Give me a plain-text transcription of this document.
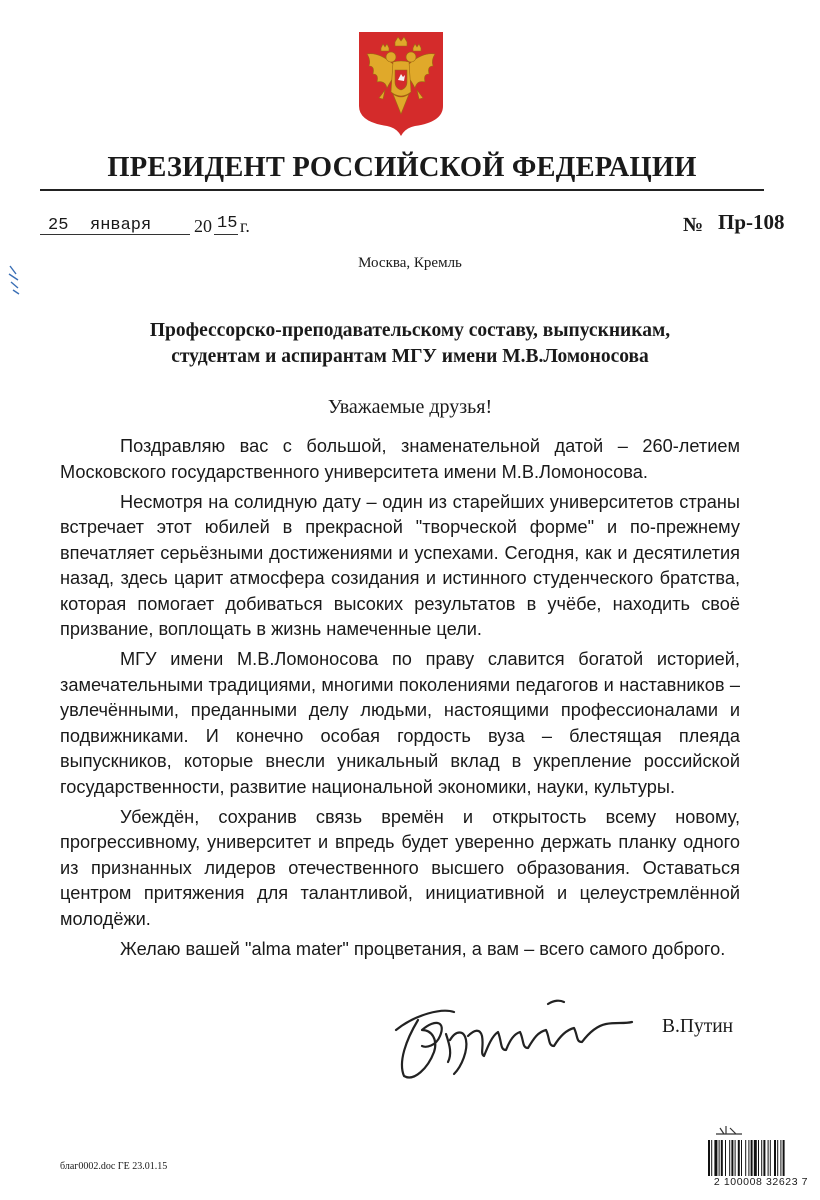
ПРЕЗИДЕНТ РОССИЙСКОЙ ФЕДЕРАЦИИ
25 января 20 15 г.	№ Пр-108
Москва, Кремль
Профессорско-преподавательскому составу, выпускникам,
студентам и аспирантам МГУ имени М.В.Ломоносова
Уважаемые друзья!

Поздравляю вас с большой, знаменательной датой – 260-летием Московского государственного университета имени М.В.Ломоносова.

Несмотря на солидную дату – один из старейших университетов страны встречает этот юбилей в прекрасной "творческой форме" и по-прежнему впечатляет серьёзными достижениями и успехами. Сегодня, как и десятилетия назад, здесь царит атмосфера созидания и истинного студенческого братства, которая помогает добиваться высоких результатов в учёбе, находить своё призвание, воплощать в жизнь намеченные цели.

МГУ имени М.В.Ломоносова по праву славится богатой историей, замечательными традициями, многими поколениями педагогов и наставников – увлечёнными, преданными делу людьми, настоящими профессионалами и подвижниками. И конечно особая гордость вуза – блестящая плеяда выпускников, которые внесли уникальный вклад в укрепление российской государственности, развитие национальной экономики, науки, культуры.

Убеждён, сохранив связь времён и открытость всему новому, прогрессивному, университет и впредь будет уверенно держать планку одного из признанных лидеров отечественного высшего образования. Оставаться центром притяжения для талантливой, инициативной и целеустремлённой молодёжи.

Желаю вашей "alma mater" процветания, а вам – всего самого доброго.

В.Путин
благ0002.doc ГЕ 23.01.15
2 100008 32623 7
